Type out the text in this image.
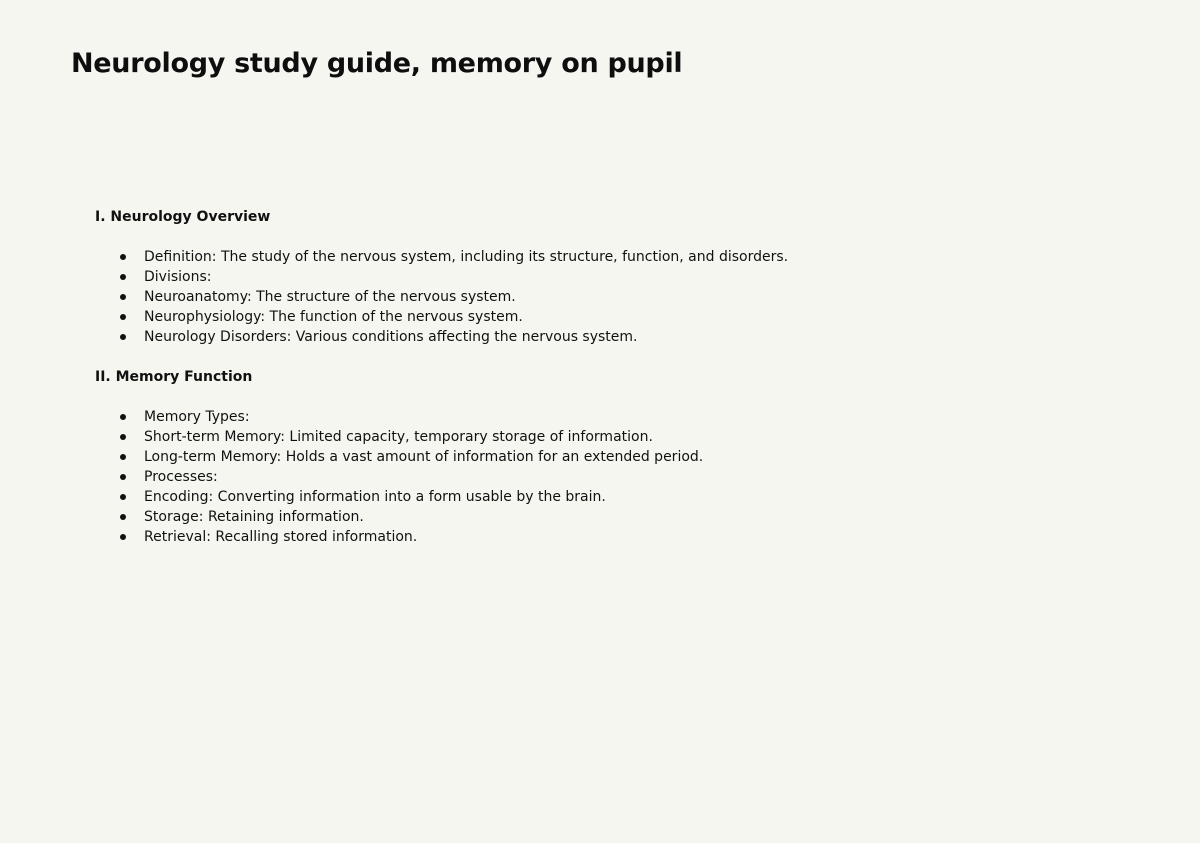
Neurology study guide, memory on pupil
I. Neurology Overview
Definition: The study of the nervous system, including its structure, function, and disorders.
Divisions:
Neuroanatomy: The structure of the nervous system.
Neurophysiology: The function of the nervous system.
Neurology Disorders: Various conditions affecting the nervous system.
II. Memory Function
Memory Types:
Short-term Memory: Limited capacity, temporary storage of information.
Long-term Memory: Holds a vast amount of information for an extended period.
Processes:
Encoding: Converting information into a form usable by the brain.
Storage: Retaining information.
Retrieval: Recalling stored information.
